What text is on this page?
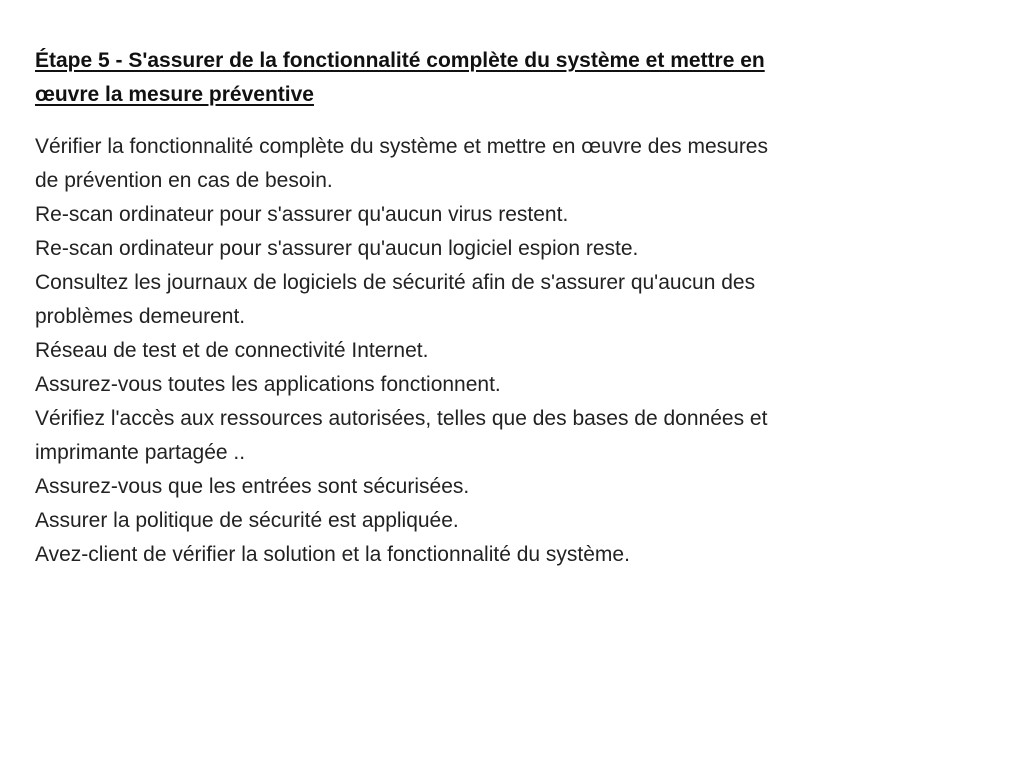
Étape 5 - S'assurer de la fonctionnalité complète du système et mettre en
œuvre la mesure préventive
Vérifier la fonctionnalité complète du système et mettre en œuvre des mesures
de prévention en cas de besoin.
Re-scan ordinateur pour s'assurer qu'aucun virus restent.
Re-scan ordinateur pour s'assurer qu'aucun logiciel espion reste.
Consultez les journaux de logiciels de sécurité afin de s'assurer qu'aucun des
problèmes demeurent.
Réseau de test et de connectivité Internet.
Assurez-vous toutes les applications fonctionnent.
Vérifiez l'accès aux ressources autorisées, telles que des bases de données et
imprimante partagée ..
Assurez-vous que les entrées sont sécurisées.
Assurer la politique de sécurité est appliquée.
Avez-client de vérifier la solution et la fonctionnalité du système.
